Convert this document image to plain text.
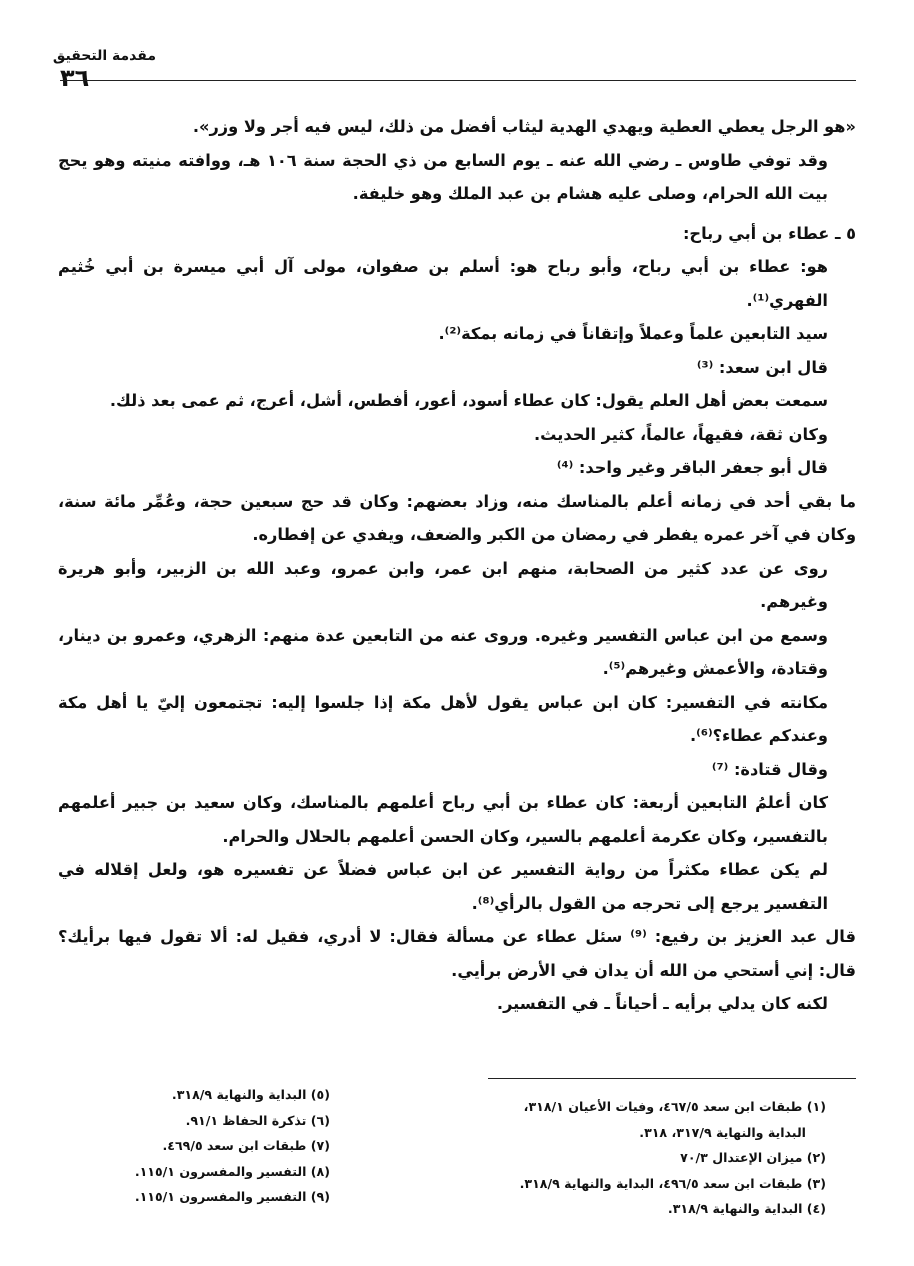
مقدمة التحقيق
٣٦

«هو الرجل يعطي العطية ويهدي الهدية ليثاب أفضل من ذلك، ليس فيه أجر ولا وزر».

وقد توفي طاوس ـ رضي الله عنه ـ يوم السابع من ذي الحجة سنة ١٠٦ هـ، ووافته منيته وهو يحج بيت الله الحرام، وصلى عليه هشام بن عبد الملك وهو خليفة.

٥ ـ عطاء بن أبي رباح:

هو: عطاء بن أبي رباح، وأبو رباح هو: أسلم بن صفوان، مولى آل أبي ميسرة بن أبي خُثيم الفهري⁽¹⁾.

سيد التابعين علماً وعملاً وإتقاناً في زمانه بمكة⁽²⁾.

قال ابن سعد: ⁽³⁾

سمعت بعض أهل العلم يقول: كان عطاء أسود، أعور، أفطس، أشل، أعرج، ثم عمى بعد ذلك.

وكان ثقة، فقيهاً، عالماً، كثير الحديث.

قال أبو جعفر الباقر وغير واحد: ⁽⁴⁾

ما بقي أحد في زمانه أعلم بالمناسك منه، وزاد بعضهم: وكان قد حج سبعين حجة، وعُمِّر مائة سنة، وكان في آخر عمره يفطر في رمضان من الكبر والضعف، ويفدي عن إفطاره.

روى عن عدد كثير من الصحابة، منهم ابن عمر، وابن عمرو، وعبد الله بن الزبير، وأبو هريرة وغيرهم.

وسمع من ابن عباس التفسير وغيره. وروى عنه من التابعين عدة منهم: الزهري، وعمرو بن دينار، وقتادة، والأعمش وغيرهم⁽⁵⁾.

مكانته في التفسير: كان ابن عباس يقول لأهل مكة إذا جلسوا إليه: تجتمعون إليّ يا أهل مكة وعندكم عطاء؟⁽⁶⁾.

وقال قتادة: ⁽⁷⁾

كان أعلمُ التابعين أربعة: كان عطاء بن أبي رباح أعلمهم بالمناسك، وكان سعيد بن جبير أعلمهم بالتفسير، وكان عكرمة أعلمهم بالسير، وكان الحسن أعلمهم بالحلال والحرام.

لم يكن عطاء مكثراً من رواية التفسير عن ابن عباس فضلاً عن تفسيره هو، ولعل إقلاله في التفسير يرجع إلى تحرجه من القول بالرأي⁽⁸⁾.

قال عبد العزيز بن رفيع: ⁽⁹⁾ سئل عطاء عن مسألة فقال: لا أدري، فقيل له: ألا تقول فيها برأيك؟ قال: إني أستحي من الله أن يدان في الأرض برأيي.

لكنه كان يدلي برأيه ـ أحياناً ـ في التفسير.

(١) طبقات ابن سعد ٤٦٧/٥، وفيات الأعيان ٣١٨/١،
البداية والنهاية ٣١٧/٩، ٣١٨.
(٢) ميزان الإعتدال ٧٠/٣
(٣) طبقات ابن سعد ٤٩٦/٥، البداية والنهاية ٣١٨/٩.
(٤) البداية والنهاية ٣١٨/٩.
(٥) البداية والنهاية ٣١٨/٩.
(٦) تذكرة الحفاظ ٩١/١.
(٧) طبقات ابن سعد ٤٦٩/٥.
(٨) التفسير والمفسرون ١١٥/١.
(٩) التفسير والمفسرون ١١٥/١.
